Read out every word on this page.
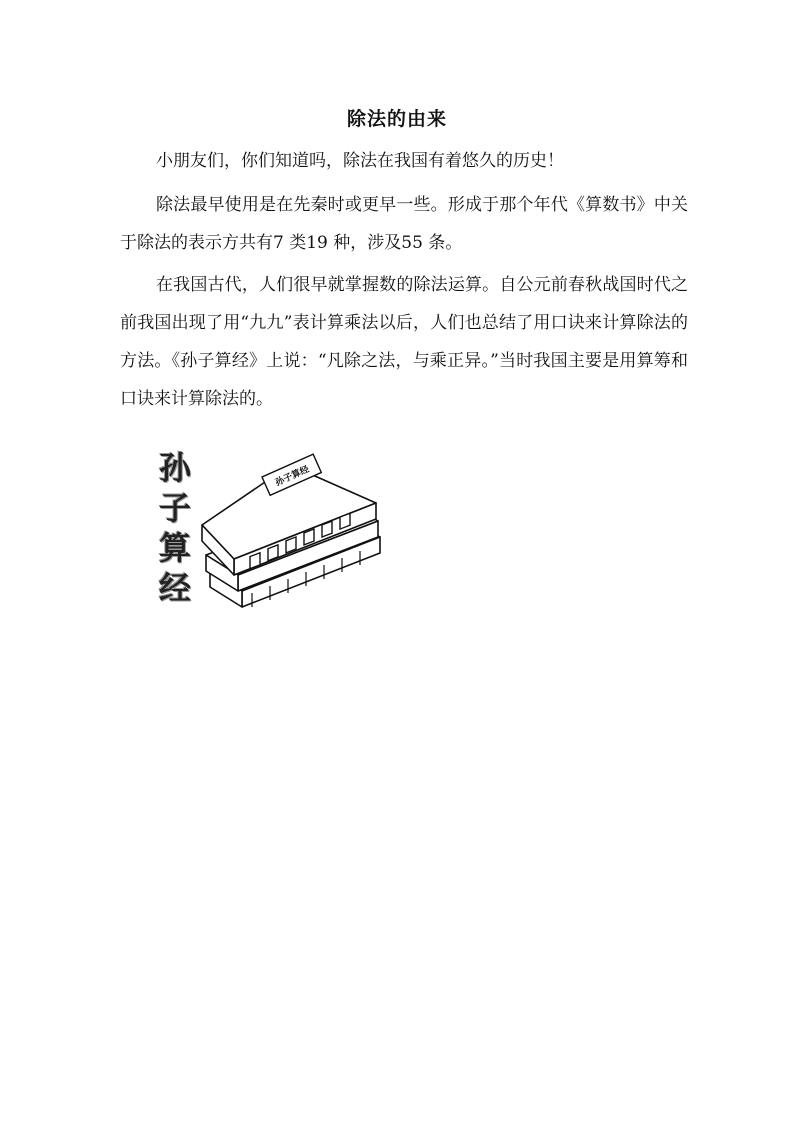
除法的由来

小朋友们，你们知道吗，除法在我国有着悠久的历史！

除法最早使用是在先秦时或更早一些。形成于那个年代《算数书》中关于除法的表示方共有7 类19 种，涉及55 条。

在我国古代，人们很早就掌握数的除法运算。自公元前春秋战国时代之前我国出现了用“九九”表计算乘法以后，人们也总结了用口诀来计算除法的方法。《孙子算经》上说：“凡除之法，与乘正异。”当时我国主要是用算筹和口诀来计算除法的。

孙
子
算
经
孙子算经
